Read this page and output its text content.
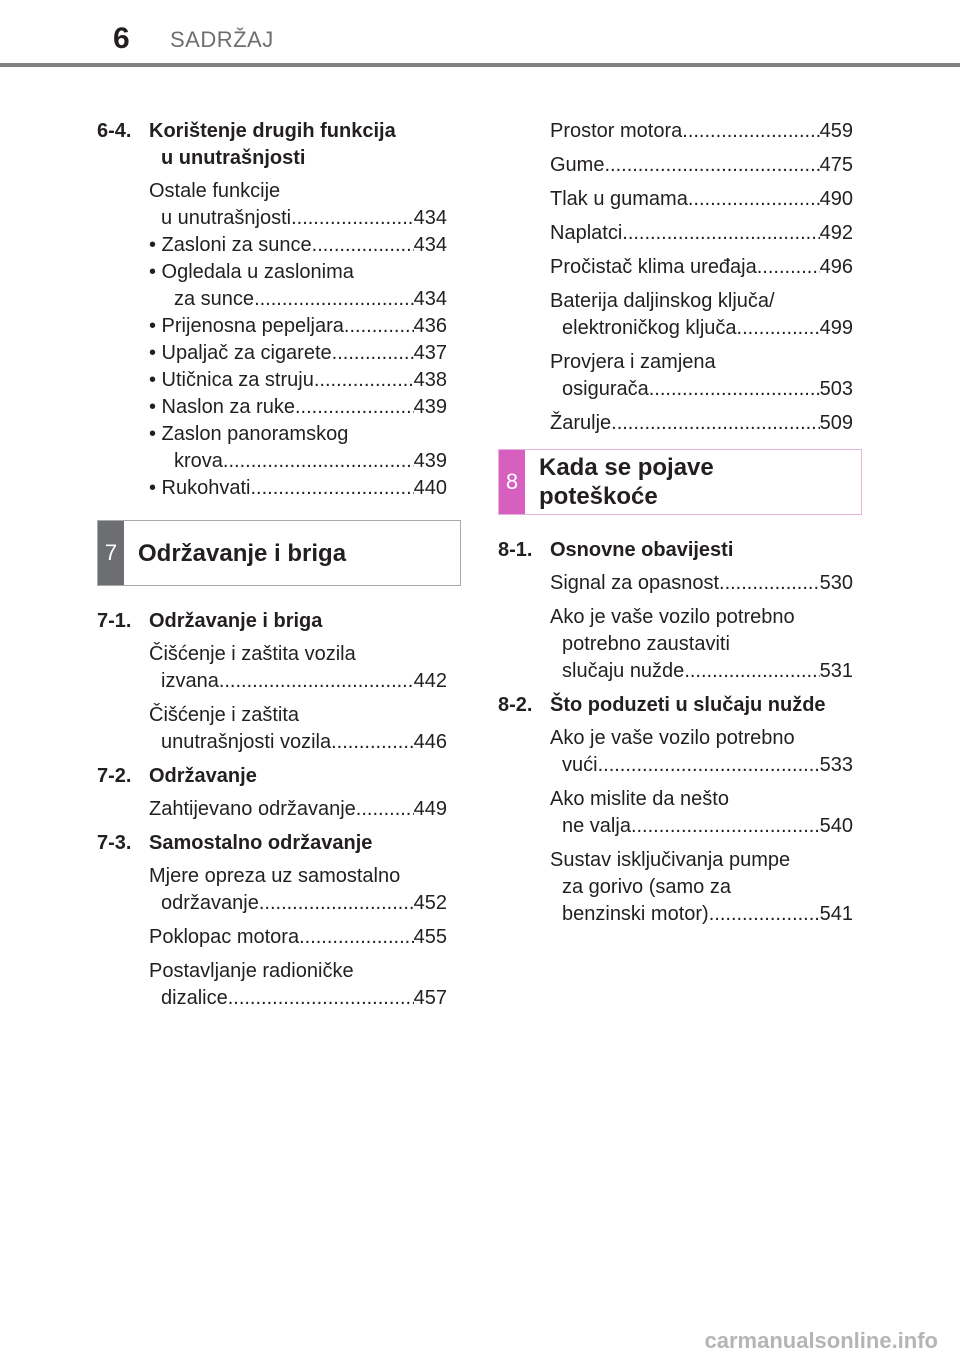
6 SADRŽAJ
6-4. Korištenje drugih funkcija
u unutrašnjosti
Ostale funkcije
u unutrašnjosti .....	434
• Zasloni za sunce .....	434
• Ogledala u zaslonima
za sunce .....	434
• Prijenosna pepeljara .....	436
• Upaljač za cigarete .....	437
• Utičnica za struju .....	438
• Naslon za ruke .....	439
• Zaslon panoramskog
krova .....	439
• Rukohvati .....	440
7 Održavanje i briga
7-1. Održavanje i briga
Čišćenje i zaštita vozila
izvana .....	442
Čišćenje i zaštita
unutrašnjosti vozila .....	446
7-2. Održavanje
Zahtijevano održavanje .....	449
7-3. Samostalno održavanje
Mjere opreza uz samostalno
održavanje .....	452
Poklopac motora .....	455
Postavljanje radioničke
dizalice .....	457
Prostor motora .....	459
Gume .....	475
Tlak u gumama .....	490
Naplatci .....	492
Pročistač klima uređaja .....	496
Baterija daljinskog ključa/
elektroničkog ključa .....	499
Provjera i zamjena
osigurača .....	503
Žarulje .....	509
8
Kada se pojave
poteškoće
8-1. Osnovne obavijesti
Signal za opasnost .....	530
Ako je vaše vozilo potrebno
potrebno zaustaviti
slučaju nužde .....	531
8-2. Što poduzeti u slučaju nužde
Ako je vaše vozilo potrebno
vući .....	533
Ako mislite da nešto
ne valja .....	540
Sustav isključivanja pumpe
za gorivo (samo za
benzinski motor) .....	541
carmanualsonline.info
